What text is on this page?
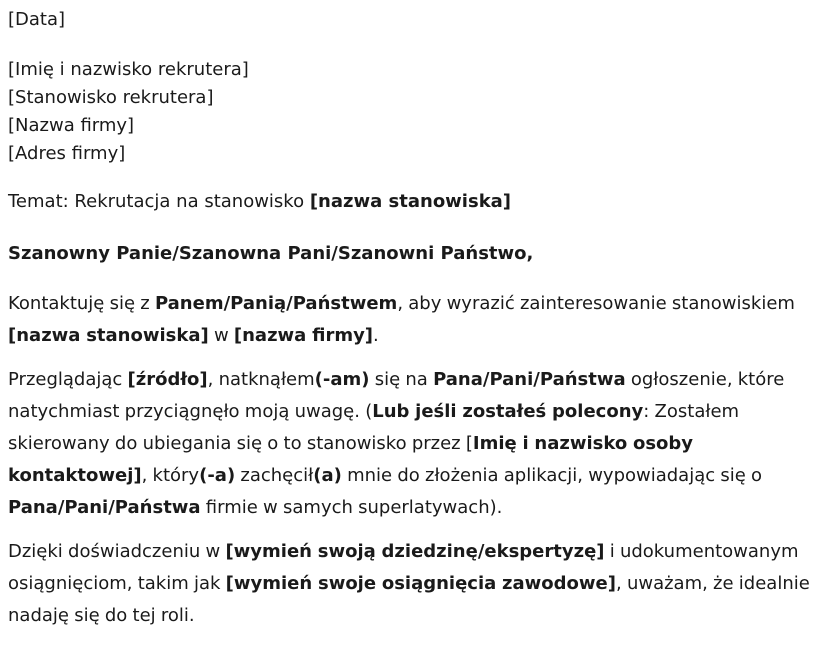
[Data]
[Imię i nazwisko rekrutera]
[Stanowisko rekrutera]
[Nazwa firmy]
[Adres firmy]
Temat: Rekrutacja na stanowisko [nazwa stanowiska]
Szanowny Panie/Szanowna Pani/Szanowni Państwo,

Kontaktuję się z Panem/Panią/Państwem, aby wyrazić zainteresowanie stanowiskiem [nazwa stanowiska] w [nazwa firmy].

Przeglądając [źródło], natknąłem(-am) się na Pana/Pani/Państwa ogłoszenie, które natychmiast przyciągnęło moją uwagę. (Lub jeśli zostałeś polecony: Zostałem skierowany do ubiegania się o to stanowisko przez [Imię i nazwisko osoby kontaktowej], który(-a) zachęcił(a) mnie do złożenia aplikacji, wypowiadając się o Pana/Pani/Państwa firmie w samych superlatywach).

Dzięki doświadczeniu w [wymień swoją dziedzinę/ekspertyzę] i udokumentowanym osiągnięciom, takim jak [wymień swoje osiągnięcia zawodowe], uważam, że idealnie nadaję się do tej roli.
